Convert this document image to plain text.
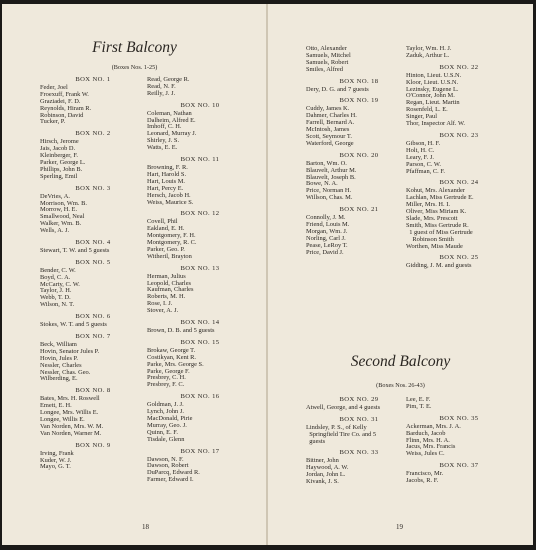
First Balcony

(Boxes Nos. 1-25)

BOX NO. 1

Feder, Joel

Froexuff, Frank W.

Graziadei, F. D.

Reynolds, Hiram R.

Robinson, David

Tucker, P.

BOX NO. 2

Hirsch, Jerome

Jais, Jacob D.

Kleinberger, F.

Parker, George L.

Phillips, John B.

Sperling, Emil

BOX NO. 3

DeVries, A.

Morrison, Wm. B.

Morrow, H. E.

Smallwood, Neal

Walker, Wm. B.

Wells, A. J.

BOX NO. 4

Stewart, T. W. and 5 guests

BOX NO. 5

Bender, C. W.

Boyd, C. A.

McCarty, C. W.

Taylor, J. H.

Webb, T. D.

Wilson, N. T.

BOX NO. 6

Stokes, W. T. and 5 guests

BOX NO. 7

Beck, William

Hovin, Senator Jules P.

Hovin, Jules P.

Nessler, Charles

Nessler, Chas. Geo.

Wilberding, E.

BOX NO. 8

Bates, Mrs. H. Roswell

Emett, E. H.

Longee, Mrs. Willis E.

Longee, Willis E.

Van Norden, Mrs. W. M.

Van Norden, Warner M.

BOX NO. 9

Irving, Frank

Kuder, W. J.

Mayo, G. T.

Read, George R.

Read, N. F.

Reilly, J. J.

BOX NO. 10

Coleman, Nathan

Dalheim, Alfred E.

Imhoff, C. H.

Leonard, Murray J.

Shirley, J. S.

Watts, E. E.

BOX NO. 11

Browning, F. R.

Hart, Harold S.

Hart, Louis M.

Hart, Percy E.

Hersch, Jacob H.

Weiss, Maurice S.

BOX NO. 12

Covell, Phil

Eakland, E. H.

Montgomery, F. H.

Montgomery, R. C.

Parker, Geo. P.

Witheril, Brayton

BOX NO. 13

Herman, Julius

Leopold, Charles

Kaufman, Charles

Roberts, M. H.

Rose, I. J.

Stover, A. J.

BOX NO. 14

Brown, D. B. and 5 guests

BOX NO. 15

Brokaw, George T.

Costikyan, Kent R.

Parke, Mrs. George S.

Parke, George F.

Presbrey, C. H.

Presbrey, F. C.

BOX NO. 16

Goldman, J. J.

Lynch, John J.

MacDonald, Pirie

Murray, Geo. J.

Quinn, E. F.

Tisdale, Glenn

BOX NO. 17

Dawson, N. F.

Dawson, Robert

DuParcq, Edward R.

Farmer, Edward I.

18

Otto, Alexander

Samuels, Mitchel

Samuels, Robert

Smiles, Alfred

BOX NO. 18

Dery, D. G. and 7 guests

BOX NO. 19

Cuddy, James K.

Dahmer, Charles H.

Farrell, Bernard A.

McIntosh, James

Scott, Seymour T.

Waterford, George

BOX NO. 20

Barton, Wm. O.

Blauvelt, Arthur M.

Blauvelt, Joseph B.

Bowe, N. A.

Price, Norman H.

Willson, Chas. M.

BOX NO. 21

Connolly, J. M.

Friend, Louis M.

Morgan, Wm. J.

Norling, Carl J.

Pease, LeRoy T.

Price, David J.

Taylor, Wm. H. J.

Zaduk, Arthur L.

BOX NO. 22

Hinton, Lieut. U.S.N.

Kloor, Lieut. U.S.N.

Lezinsky, Eugene L.

O'Connor, John M.

Regan, Lieut. Martin

Rosenfeld, L. E.

Singer, Paul

Thor, Inspector Alf. W.

BOX NO. 23

Gibson, H. F.

Holt, H. C.

Leary, F. J.

Parson, C. W.

Pfaffman, C. F.

BOX NO. 24

Kohut, Mrs. Alexander

Lachlan, Miss Gertrude E.

Miller, Mrs. H. I.

Oliver, Miss Miriam K.

Slade, Mrs. Prescott

Smith, Miss Gertrude R.

1 guest of Miss Gertrude

Robinson Smith

Worthen, Miss Maude

BOX NO. 25

Gidding, J. M. and guests

Second Balcony

(Boxes Nos. 26-43)

BOX NO. 29

Atwell, George, and 4 guests

BOX NO. 31

Lindsley, P. S., of Kelly

Springfield Tire Co. and 5

guests

BOX NO. 33

Bittner, John

Haywood, A. W.

Jordan, John L.

Kivank, J. S.

Lee, E. F.

Pim, T. E.

BOX NO. 35

Ackerman, Mrs. J. A.

Barduch, Jacob

Flinn, Mrs. H. A.

Jacus, Mrs. Francis

Weiss, Jules C.

BOX NO. 37

Francisco, Mr.

Jacobs, R. F.

19
